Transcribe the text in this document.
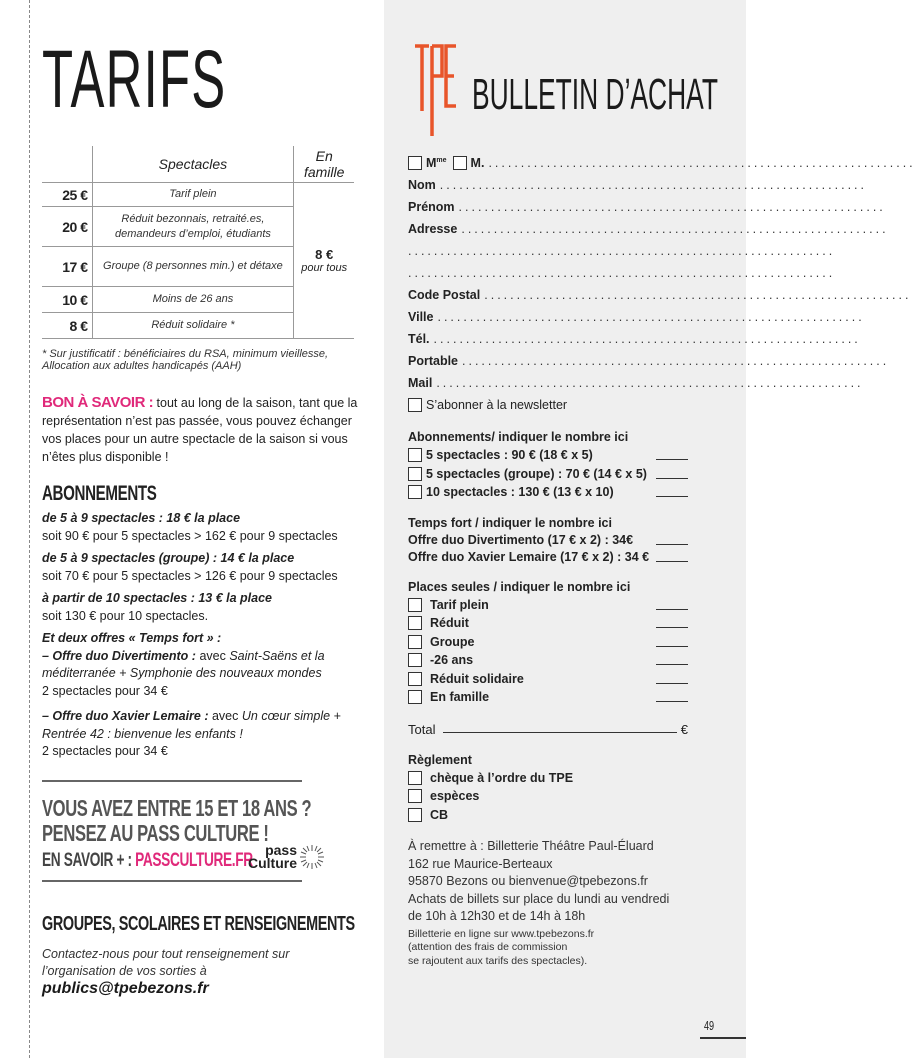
TARIFS
	Spectacles	En famille
25 €	Tarif plein	8 €
pour tous

20 €	Réduit bezonnais, retraité.es, demandeurs d’emploi, étudiants	
17 €	Groupe (8 personnes min.) et détaxe	
10 €	Moins de 26 ans	
8 €	Réduit solidaire *	
* Sur justificatif : bénéficiaires du RSA, minimum vieillesse, Allocation aux adultes handicapés (AAH)
BON À SAVOIR : tout au long de la saison, tant que la représentation n’est pas passée, vous pouvez échanger vos places pour un autre spectacle de la saison si vous n’êtes plus disponible !
ABONNEMENTS
de 5 à 9 spectacles : 18 € la place

soit 90 € pour 5 spectacles > 162 € pour 9 spectacles

de 5 à 9 spectacles (groupe) : 14 € la place

soit 70 € pour 5 spectacles > 126 € pour 9 spectacles

à partir de 10 spectacles : 13 € la place

soit 130 € pour 10 spectacles.

Et deux offres « Temps fort » :
– Offre duo Divertimento : avec Saint-Saëns et la méditerranée + Symphonie des nouveaux mondes

2 spectacles pour 34 €

– Offre duo Xavier Lemaire : avec Un cœur simple + Rentrée 42 : bienvenue les enfants !

2 spectacles pour 34 €

VOUS AVEZ ENTRE 15 ET 18 ANS ?
PENSEZ AU PASS CULTURE !
EN SAVOIR + : PASSCULTURE.FR pass
Culture
GROUPES, SCOLAIRES ET RENSEIGNEMENTS
Contactez-nous pour tout renseignement sur l’organisation de vos sorties à
publics@tpebezons.fr
TPE
BULLETIN D’ACHAT
$M^{me}$ M. ..................................................................
Nom ..................................................................
Prénom ..................................................................
Adresse ..................................................................
..................................................................
..................................................................
Code Postal ..................................................................
Ville ..................................................................
Tél. ..................................................................
Portable ..................................................................
Mail ..................................................................
S’abonner à la newsletter
Abonnements/ indiquer le nombre ici
5 spectacles : 90 € (18 € x 5)
5 spectacles (groupe) : 70 € (14 € x 5)
10 spectacles : 130 € (13 € x 10)
Temps fort / indiquer le nombre ici
Offre duo Divertimento (17 € x 2) : 34€
Offre duo Xavier Lemaire (17 € x 2) : 34 €
Places seules / indiquer le nombre ici
Tarif plein
Réduit
Groupe
-26 ans
Réduit solidaire
En famille
Total	€
Règlement
chèque à l’ordre du TPE
espèces
CB
À remettre à : Billetterie Théâtre Paul-Éluard
162 rue Maurice-Berteaux
95870 Bezons ou bienvenue@tpebezons.fr
Achats de billets sur place du lundi au vendredi
de 10h à 12h30 et de 14h à 18h
Billetterie en ligne sur www.tpebezons.fr
(attention des frais de commission
se rajoutent aux tarifs des spectacles).
49
